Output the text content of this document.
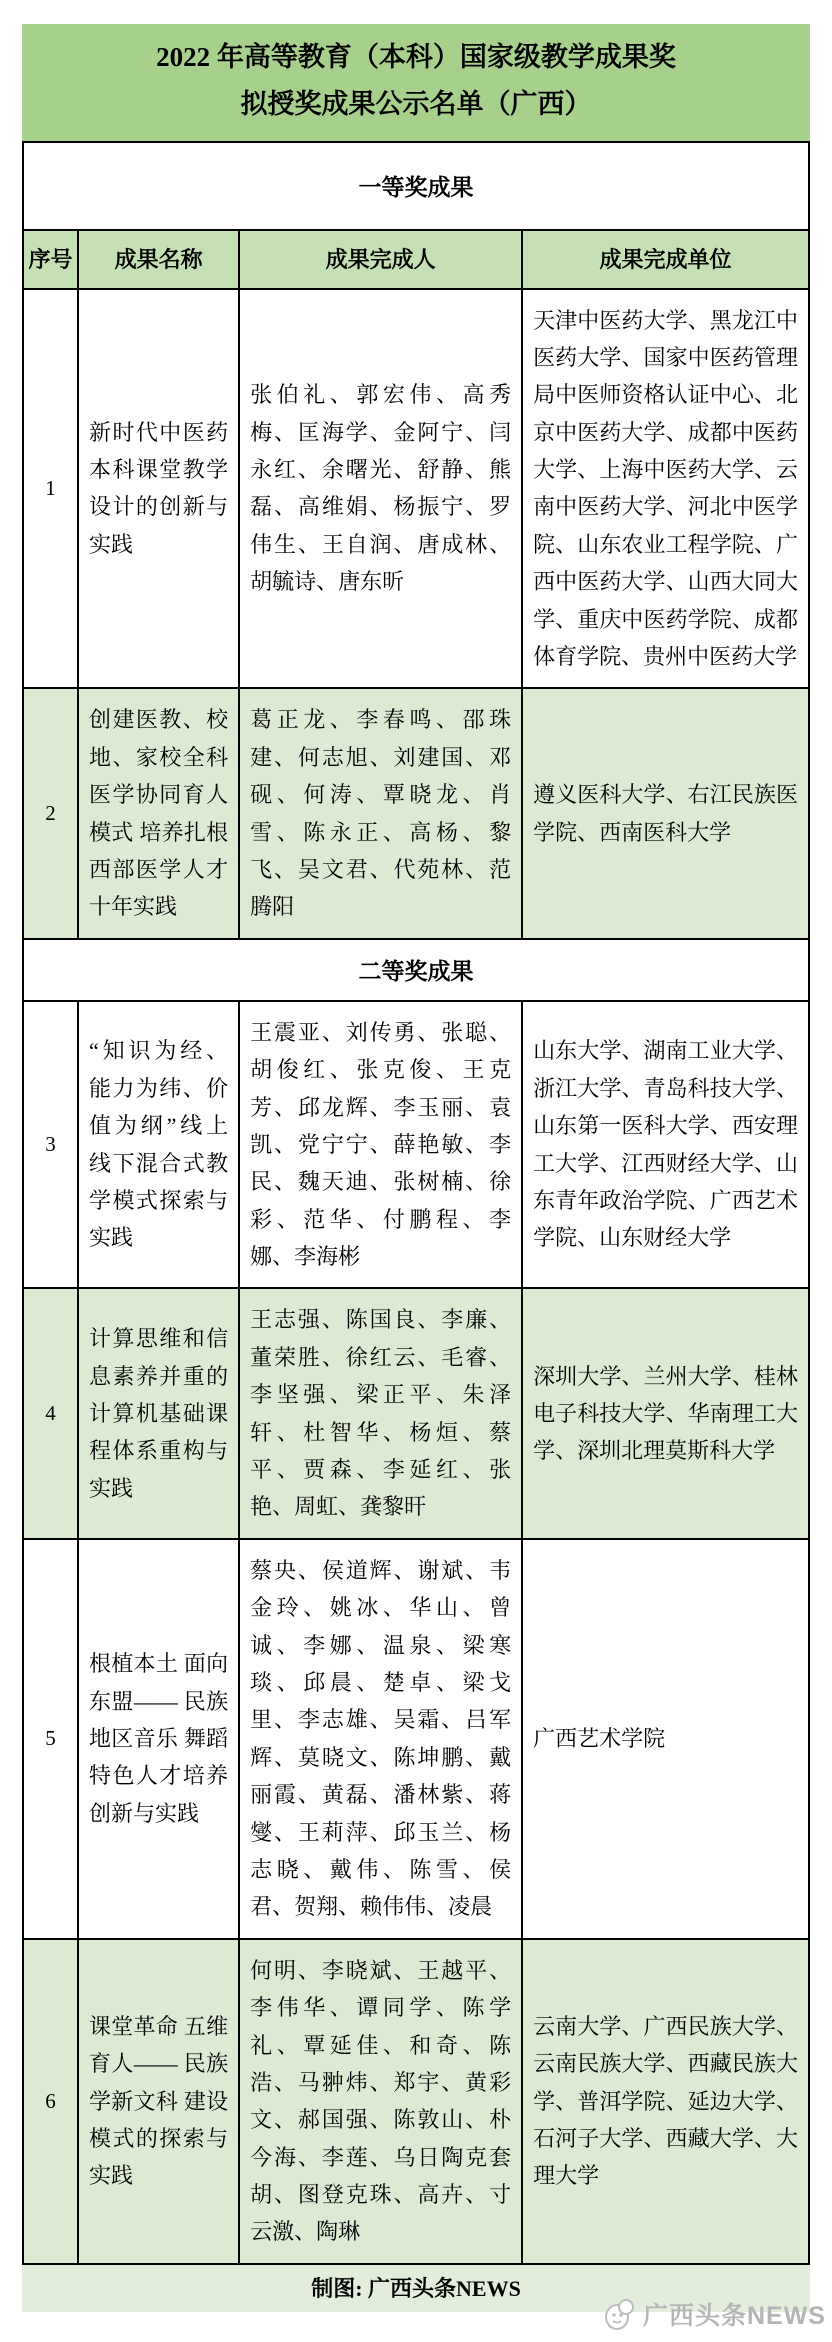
2022 年高等教育（本科）国家级教学成果奖
拟授奖成果公示名单（广西）
一等奖成果			
序号	成果名称	成果完成人	成果完成单位
1	新时代中医药本科课堂教学设计的创新与实践	张伯礼、郭宏伟、高秀梅、匡海学、金阿宁、闫永红、余曙光、舒静、熊磊、高维娟、杨振宁、罗伟生、王自润、唐成林、胡毓诗、唐东昕	天津中医药大学、黑龙江中医药大学、国家中医药管理局中医师资格认证中心、北京中医药大学、成都中医药大学、上海中医药大学、云南中医药大学、河北中医学院、山东农业工程学院、广西中医药大学、山西大同大学、重庆中医药学院、成都体育学院、贵州中医药大学
2	创建医教、校地、家校全科医学协同育人模式 培养扎根西部医学人才十年实践	葛正龙、李春鸣、邵珠建、何志旭、刘建国、邓砚、何涛、覃晓龙、肖雪、陈永正、高杨、黎飞、吴文君、代苑林、范腾阳	遵义医科大学、右江民族医学院、西南医科大学
二等奖成果			
3	“知识为经、能力为纬、价值为纲”线上线下混合式教学模式探索与实践	王震亚、刘传勇、张聪、胡俊红、张克俊、王克芳、邱龙辉、李玉丽、袁凯、党宁宁、薛艳敏、李民、魏天迪、张树楠、徐彩、范华、付鹏程、李娜、李海彬	山东大学、湖南工业大学、浙江大学、青岛科技大学、山东第一医科大学、西安理工大学、江西财经大学、山东青年政治学院、广西艺术学院、山东财经大学
4	计算思维和信息素养并重的计算机基础课程体系重构与实践	王志强、陈国良、李廉、董荣胜、徐红云、毛睿、李坚强、梁正平、朱泽轩、杜智华、杨烜、蔡平、贾森、李延红、张艳、周虹、龚黎旰	深圳大学、兰州大学、桂林电子科技大学、华南理工大学、深圳北理莫斯科大学
5	根植本土 面向东盟—— 民族地区音乐 舞蹈特色人才培养创新与实践	蔡央、侯道辉、谢斌、韦金玲、姚冰、华山、曾诚、李娜、温泉、梁寒琰、邱晨、楚卓、梁戈里、李志雄、吴霜、吕军辉、莫晓文、陈坤鹏、戴丽霞、黄磊、潘林紫、蒋燮、王莉萍、邱玉兰、杨志晓、戴伟、陈雪、侯君、贺翔、赖伟伟、凌晨	广西艺术学院
6	课堂革命 五维育人—— 民族学新文科 建设模式的探索与实践	何明、李晓斌、王越平、李伟华、谭同学、陈学礼、覃延佳、和奇、陈浩、马翀炜、郑宇、黄彩文、郝国强、陈敦山、朴今海、李莲、乌日陶克套胡、图登克珠、高卉、寸云激、陶琳	云南大学、广西民族大学、云南民族大学、西藏民族大学、普洱学院、延边大学、石河子大学、西藏大学、大理大学
制图: 广西头条NEWS
广西头条NEWS
